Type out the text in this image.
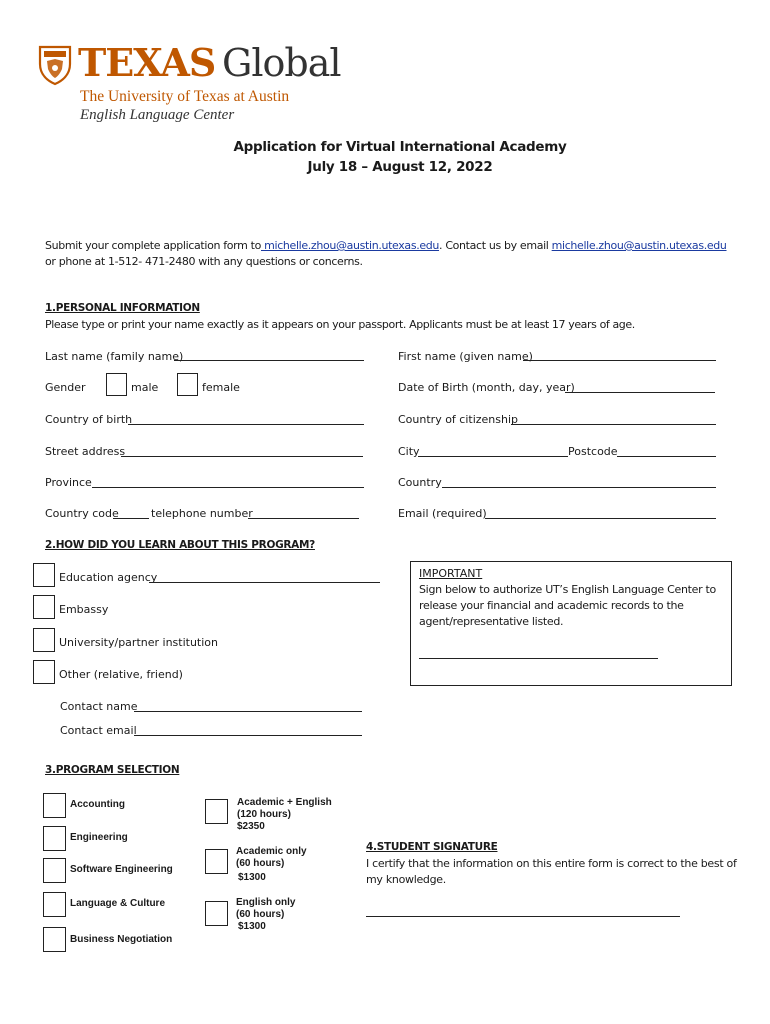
TEXAS Global
The University of Texas at Austin
English Language Center
Application for Virtual International Academy
July 18 – August 12, 2022
Submit your complete application form to michelle.zhou@austin.utexas.edu. Contact us by email michelle.zhou@austin.utexas.edu
or phone at 1-512- 471-2480 with any questions or concerns.
1.PERSONAL INFORMATION
Please type or print your name exactly as it appears on your passport. Applicants must be at least 17 years of age.
Last name (family name)	First name (given name)
Gender	male	female	Date of Birth (month, day, year)
Country of birth	Country of citizenship
Street address	City	Postcode
Province	Country
Country code	telephone number	Email (required)
2.HOW DID YOU LEARN ABOUT THIS PROGRAM?
Education agency
Embassy
University/partner institution
Other (relative, friend)
Contact name
Contact email
IMPORTANT
Sign below to authorize UT’s English Language Center to
release your financial and academic records to the
agent/representative listed.
3.PROGRAM SELECTION
Accounting
Engineering
Software Engineering
Language & Culture
Business Negotiation
Academic + English
(120 hours)
$2350
Academic only
(60 hours)
$1300
English only
(60 hours)
$1300
4.STUDENT SIGNATURE
I certify that the information on this entire form is correct to the best of
my knowledge.
